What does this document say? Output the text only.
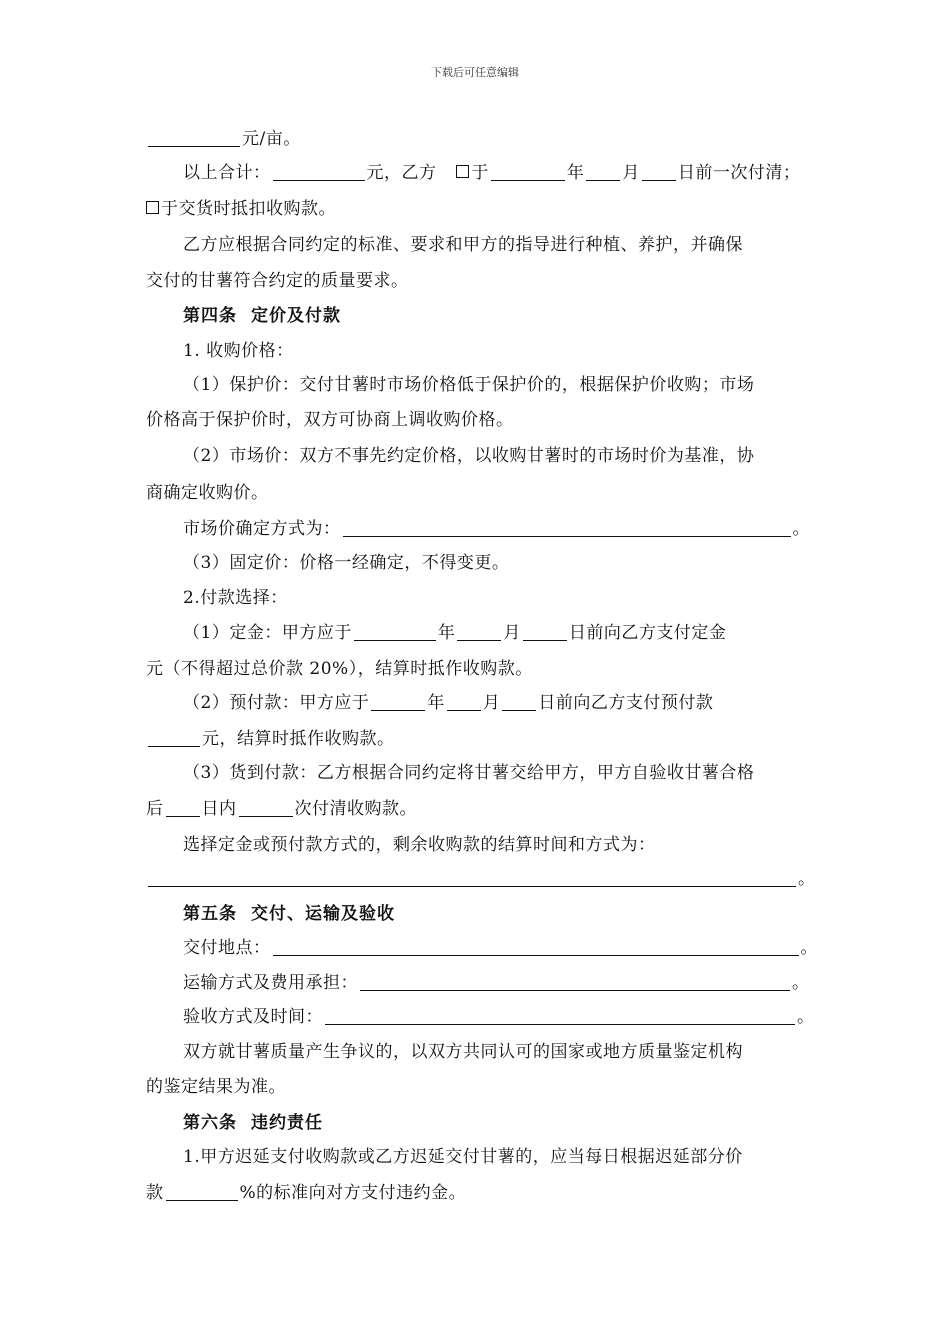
下载后可任意编辑
元/亩。
以上合计：	元，乙方 于	年 月 日前一次付清；
于交货时抵扣收购款。
乙方应根据合同约定的标准、要求和甲方的指导进行种植、养护，并确保
交付的甘薯符合约定的质量要求。
第四条 定价及付款
1. 收购价格：
（1）保护价：交付甘薯时市场价格低于保护价的，根据保护价收购；市场
价格高于保护价时，双方可协商上调收购价格。
（2）市场价：双方不事先约定价格，以收购甘薯时的市场时价为基准，协
商确定收购价。
市场价确定方式为：	。
（3）固定价：价格一经确定，不得变更。
2.付款选择：
（1）定金：甲方应于	年	月	日前向乙方支付定金
元（不得超过总价款 20%），结算时抵作收购款。
（2）预付款：甲方应于	年 月 日前向乙方支付预付款
元，结算时抵作收购款。
（3）货到付款：乙方根据合同约定将甘薯交给甲方，甲方自验收甘薯合格
后 日内	次付清收购款。
选择定金或预付款方式的，剩余收购款的结算时间和方式为：
。
第五条 交付、运输及验收
交付地点：	。
运输方式及费用承担：	。
验收方式及时间：	。
双方就甘薯质量产生争议的，以双方共同认可的国家或地方质量鉴定机构
的鉴定结果为准。
第六条 违约责任
1.甲方迟延支付收购款或乙方迟延交付甘薯的，应当每日根据迟延部分价
款	%的标准向对方支付违约金。
